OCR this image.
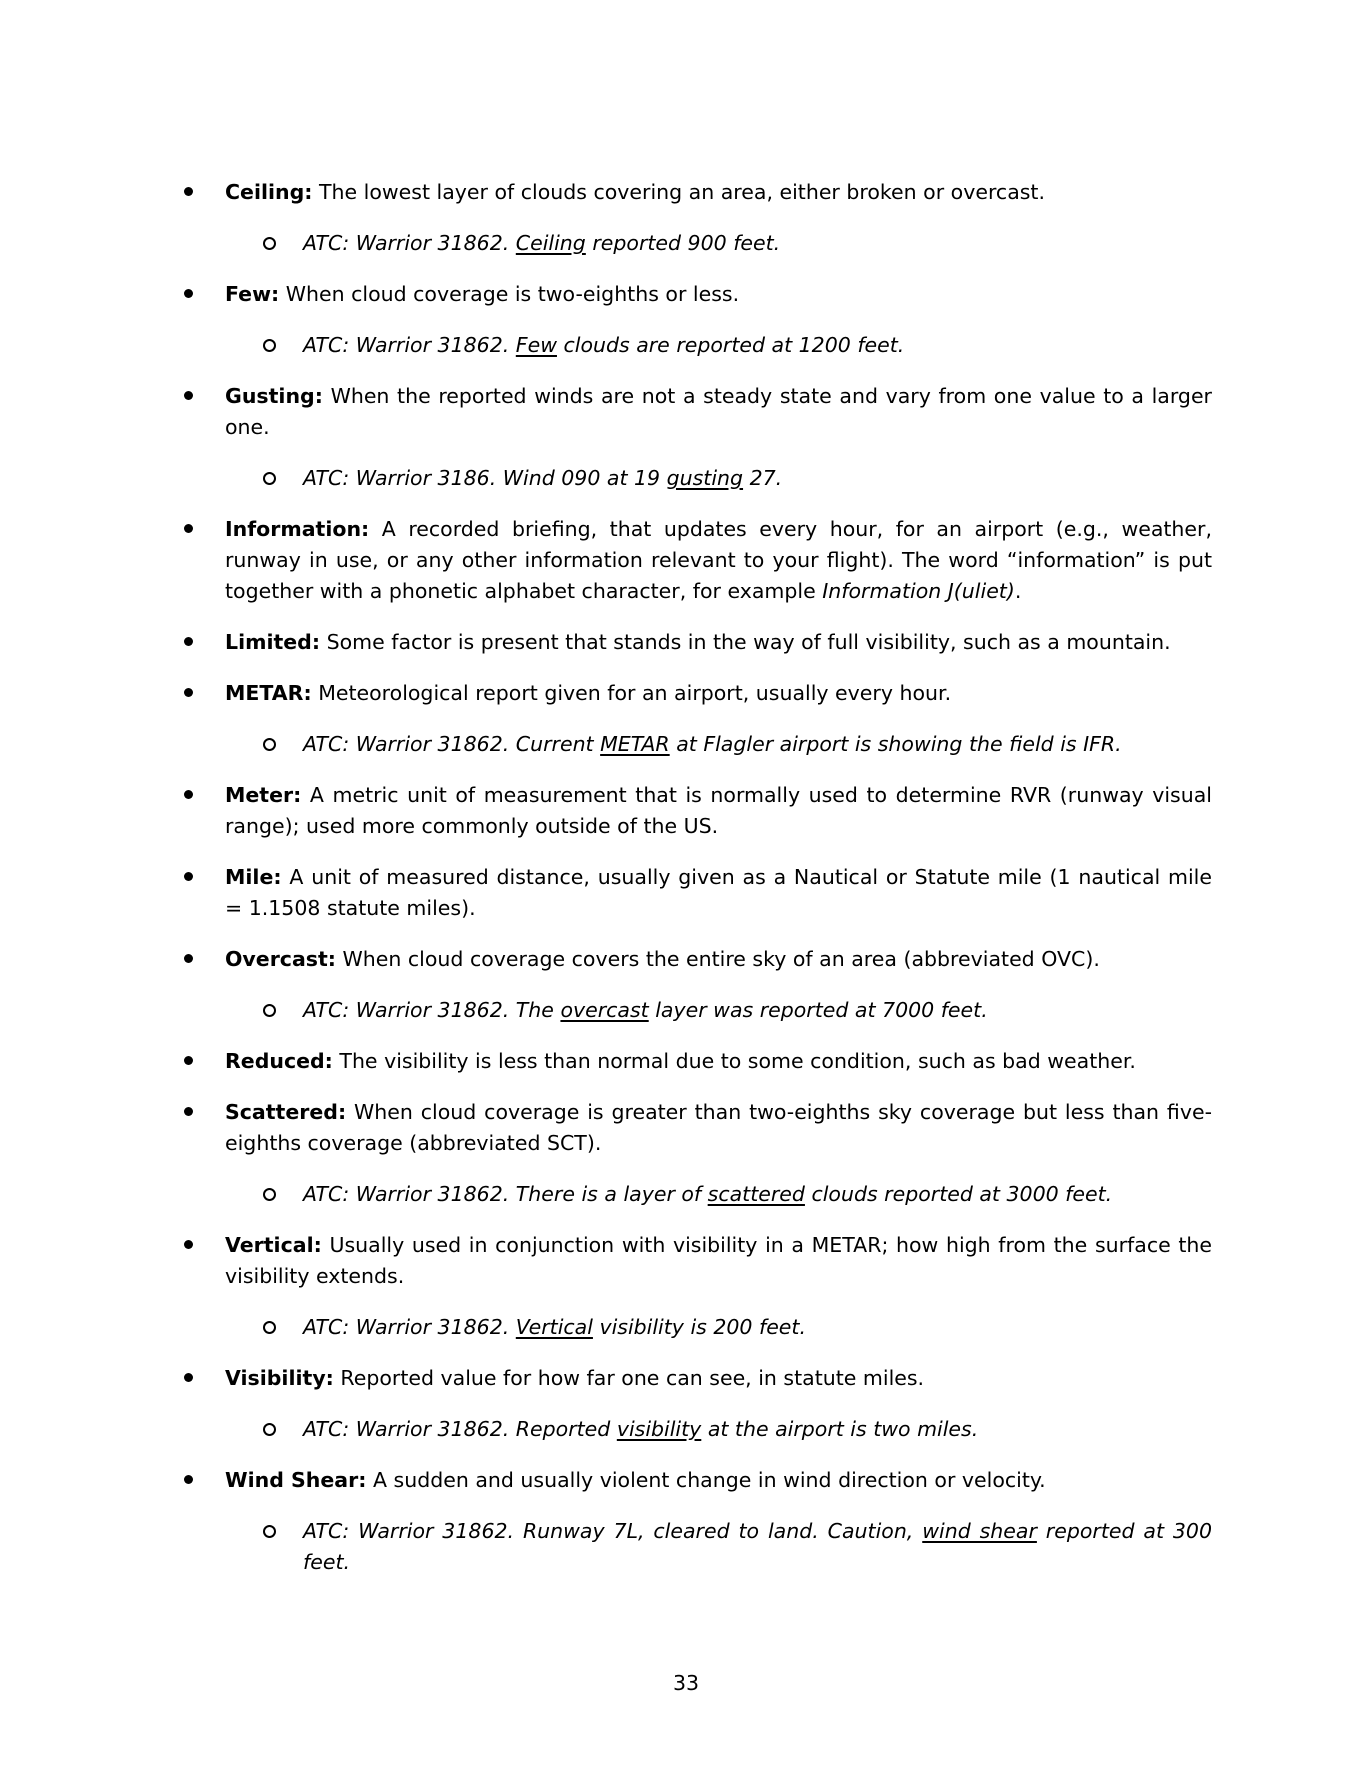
Ceiling: The lowest layer of clouds covering an area, either broken or overcast.
ATC: Warrior 31862. Ceiling reported 900 feet.
Few: When cloud coverage is two-eighths or less.
ATC: Warrior 31862. Few clouds are reported at 1200 feet.
Gusting: When the reported winds are not a steady state and vary from one value to a larger one.
ATC: Warrior 3186. Wind 090 at 19 gusting 27.
Information: A recorded briefing, that updates every hour, for an airport (e.g., weather, runway in use, or any other information relevant to your flight). The word “information” is put together with a phonetic alphabet character, for example Information J(uliet).
Limited: Some factor is present that stands in the way of full visibility, such as a mountain.
METAR: Meteorological report given for an airport, usually every hour.
ATC: Warrior 31862. Current METAR at Flagler airport is showing the field is IFR.
Meter: A metric unit of measurement that is normally used to determine RVR (runway visual range); used more commonly outside of the US.
Mile: A unit of measured distance, usually given as a Nautical or Statute mile (1 nautical mile = 1.1508 statute miles).
Overcast: When cloud coverage covers the entire sky of an area (abbreviated OVC).
ATC: Warrior 31862. The overcast layer was reported at 7000 feet.
Reduced: The visibility is less than normal due to some condition, such as bad weather.
Scattered: When cloud coverage is greater than two-eighths sky coverage but less than five-eighths coverage (abbreviated SCT).
ATC: Warrior 31862. There is a layer of scattered clouds reported at 3000 feet.
Vertical: Usually used in conjunction with visibility in a METAR; how high from the surface the visibility extends.
ATC: Warrior 31862. Vertical visibility is 200 feet.
Visibility: Reported value for how far one can see, in statute miles.
ATC: Warrior 31862. Reported visibility at the airport is two miles.
Wind Shear: A sudden and usually violent change in wind direction or velocity.
ATC: Warrior 31862. Runway 7L, cleared to land. Caution, wind shear reported at 300 feet.
33
